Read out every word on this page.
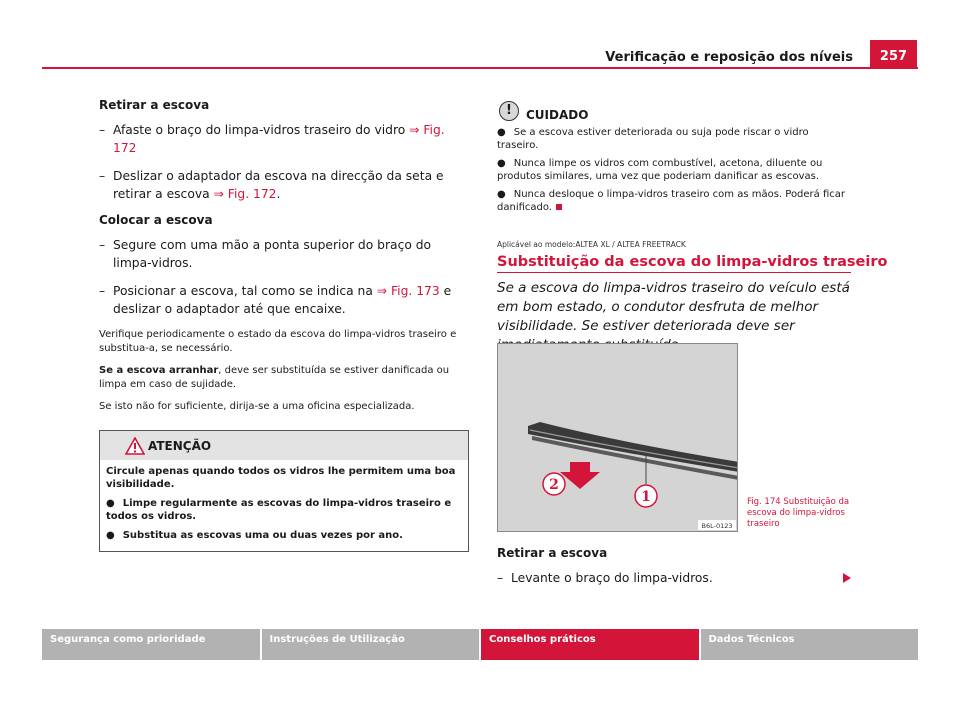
Verificação e reposição dos níveis	257
Retirar a escova
– Afaste o braço do limpa-vidros traseiro do vidro ⇒ Fig. 172
– Deslizar o adaptador da escova na direcção da seta e retirar a escova ⇒ Fig. 172.
Colocar a escova
– Segure com uma mão a ponta superior do braço do limpa-vidros.
– Posicionar a escova, tal como se indica na ⇒ Fig. 173 e deslizar o adaptador até que encaixe.

Verifique periodicamente o estado da escova do limpa-vidros traseiro e substitua-a, se necessário.

Se a escova arranhar, deve ser substituída se estiver danificada ou limpa em caso de sujidade.

Se isto não for suficiente, dirija-se a uma oficina especializada.

ATENÇÃO

Circule apenas quando todos os vidros lhe permitem uma boa visibilidade.

● Limpe regularmente as escovas do limpa-vidros traseiro e todos os vidros.

● Substitua as escovas uma ou duas vezes por ano.

!	CUIDADO

● Se a escova estiver deteriorada ou suja pode riscar o vidro traseiro.

● Nunca limpe os vidros com combustível, acetona, diluente ou produtos similares, uma vez que poderiam danificar as escovas.

● Nunca desloque o limpa-vidros traseiro com as mãos. Poderá ficar danificado.

Aplicável ao modelo:ALTEA XL / ALTEA FREETRACK
Substituição da escova do limpa-vidros traseiro
Se a escova do limpa-vidros traseiro do veículo está em bom estado, o condutor desfruta de melhor visibilidade. Se estiver deteriorada deve ser
2
1
B6L-0123
Fig. 174 Substituição da escova do limpa-vidros traseiro
Retirar a escova
– Levante o braço do limpa-vidros.
Segurança como prioridade	Instruções de Utilização	Conselhos práticos	Dados Técnicos
